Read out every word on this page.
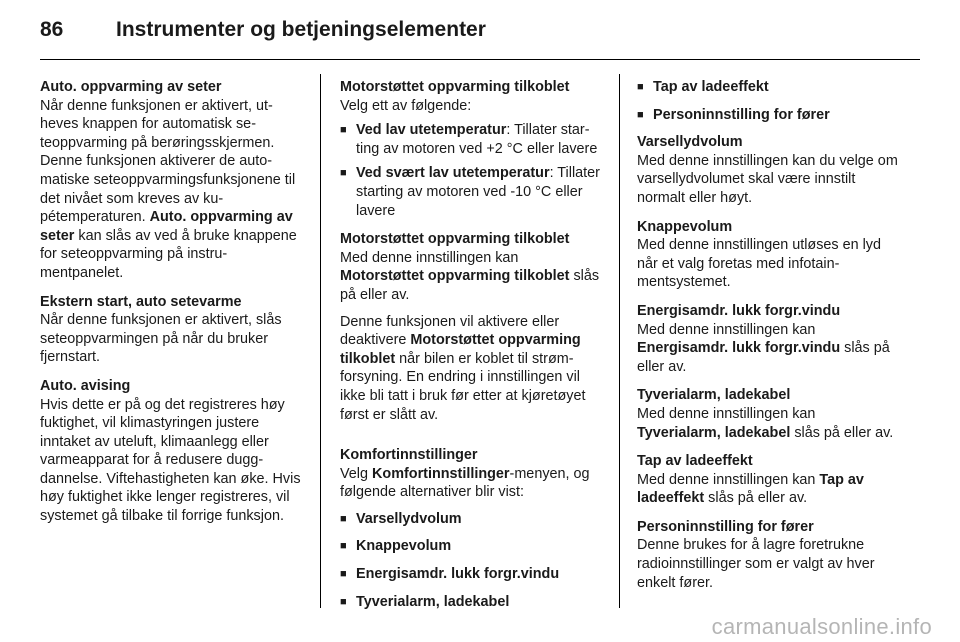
86	Instrumenter og betjeningselementer
Auto. oppvarming av seter

Når denne funksjonen er aktivert, utheves knappen for automatisk seteoppvarming på berøringsskjermen. Denne funksjonen aktiverer de automatiske seteoppvarmingsfunksjonene til det nivået som kreves av kupétemperaturen. Auto. oppvarming av seter kan slås av ved å bruke knappene for seteoppvarming på instrumentpanelet.

Ekstern start, auto setevarme

Når denne funksjonen er aktivert, slås seteoppvarmingen på når du bruker fjernstart.

Auto. avising

Hvis dette er på og det registreres høy fuktighet, vil klimastyringen justere inntaket av uteluft, klimaanlegg eller varmeapparat for å redusere duggdannelse. Viftehastigheten kan øke. Hvis høy fuktighet ikke lenger registreres, vil systemet gå tilbake til forrige funksjon.

Motorstøttet oppvarming tilkoblet

Velg ett av følgende:

■ Ved lav utetemperatur: Tillater starting av motoren ved +2 °C eller lavere
■ Ved svært lav utetemperatur: Tillater starting av motoren ved -10 °C eller lavere
Motorstøttet oppvarming tilkoblet

Med denne innstillingen kan
Motorstøttet oppvarming tilkoblet slås på eller av.

Denne funksjonen vil aktivere eller deaktivere Motorstøttet oppvarming tilkoblet når bilen er koblet til strømforsyning. En endring i innstillingen vil ikke bli tatt i bruk før etter at kjøretøyet først er slått av.

Komfortinnstillinger

Velg Komfortinnstillinger-menyen, og følgende alternativer blir vist:

■ Varsellydvolum
■ Knappevolum
■ Energisamdr. lukk forgr.vindu
■ Tyverialarm, ladekabel
■ Tap av ladeeffekt
■ Personinnstilling for fører
Varsellydvolum

Med denne innstillingen kan du velge om varsellydvolumet skal være innstilt normalt eller høyt.

Knappevolum

Med denne innstillingen utløses en lyd når et valg foretas med infotainmentsystemet.

Energisamdr. lukk forgr.vindu

Med denne innstillingen kan
Energisamdr. lukk forgr.vindu slås på eller av.

Tyverialarm, ladekabel

Med denne innstillingen kan
Tyverialarm, ladekabel slås på eller av.

Tap av ladeeffekt

Med denne innstillingen kan Tap av ladeeffekt slås på eller av.

Personinnstilling for fører

Denne brukes for å lagre foretrukne radioinnstillinger som er valgt av hver enkelt fører.

carmanualsonline.info
